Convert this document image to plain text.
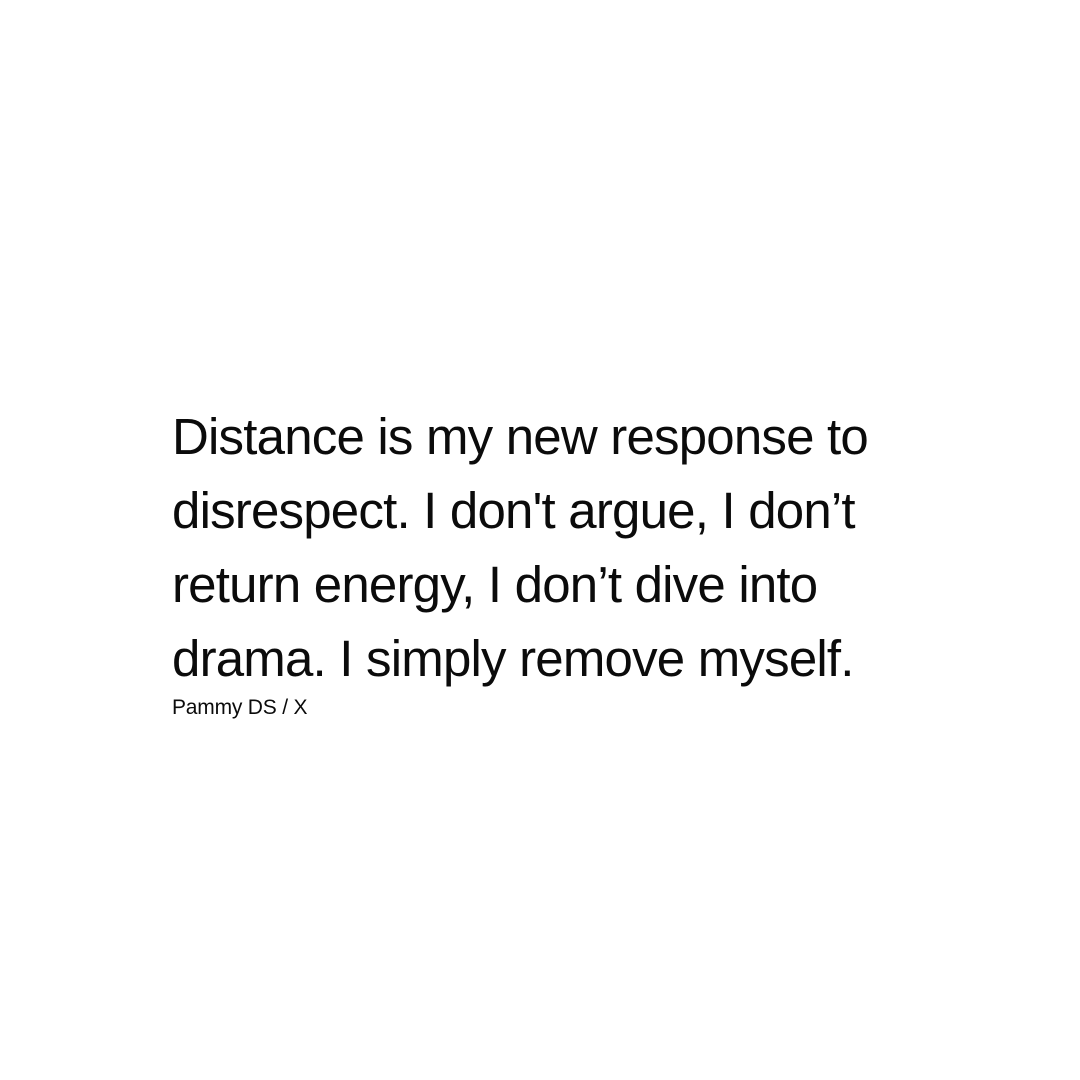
Distance is my new response to
disrespect. I don't argue, I don’t
return energy, I don’t dive into
drama. I simply remove myself.

Pammy DS / X
